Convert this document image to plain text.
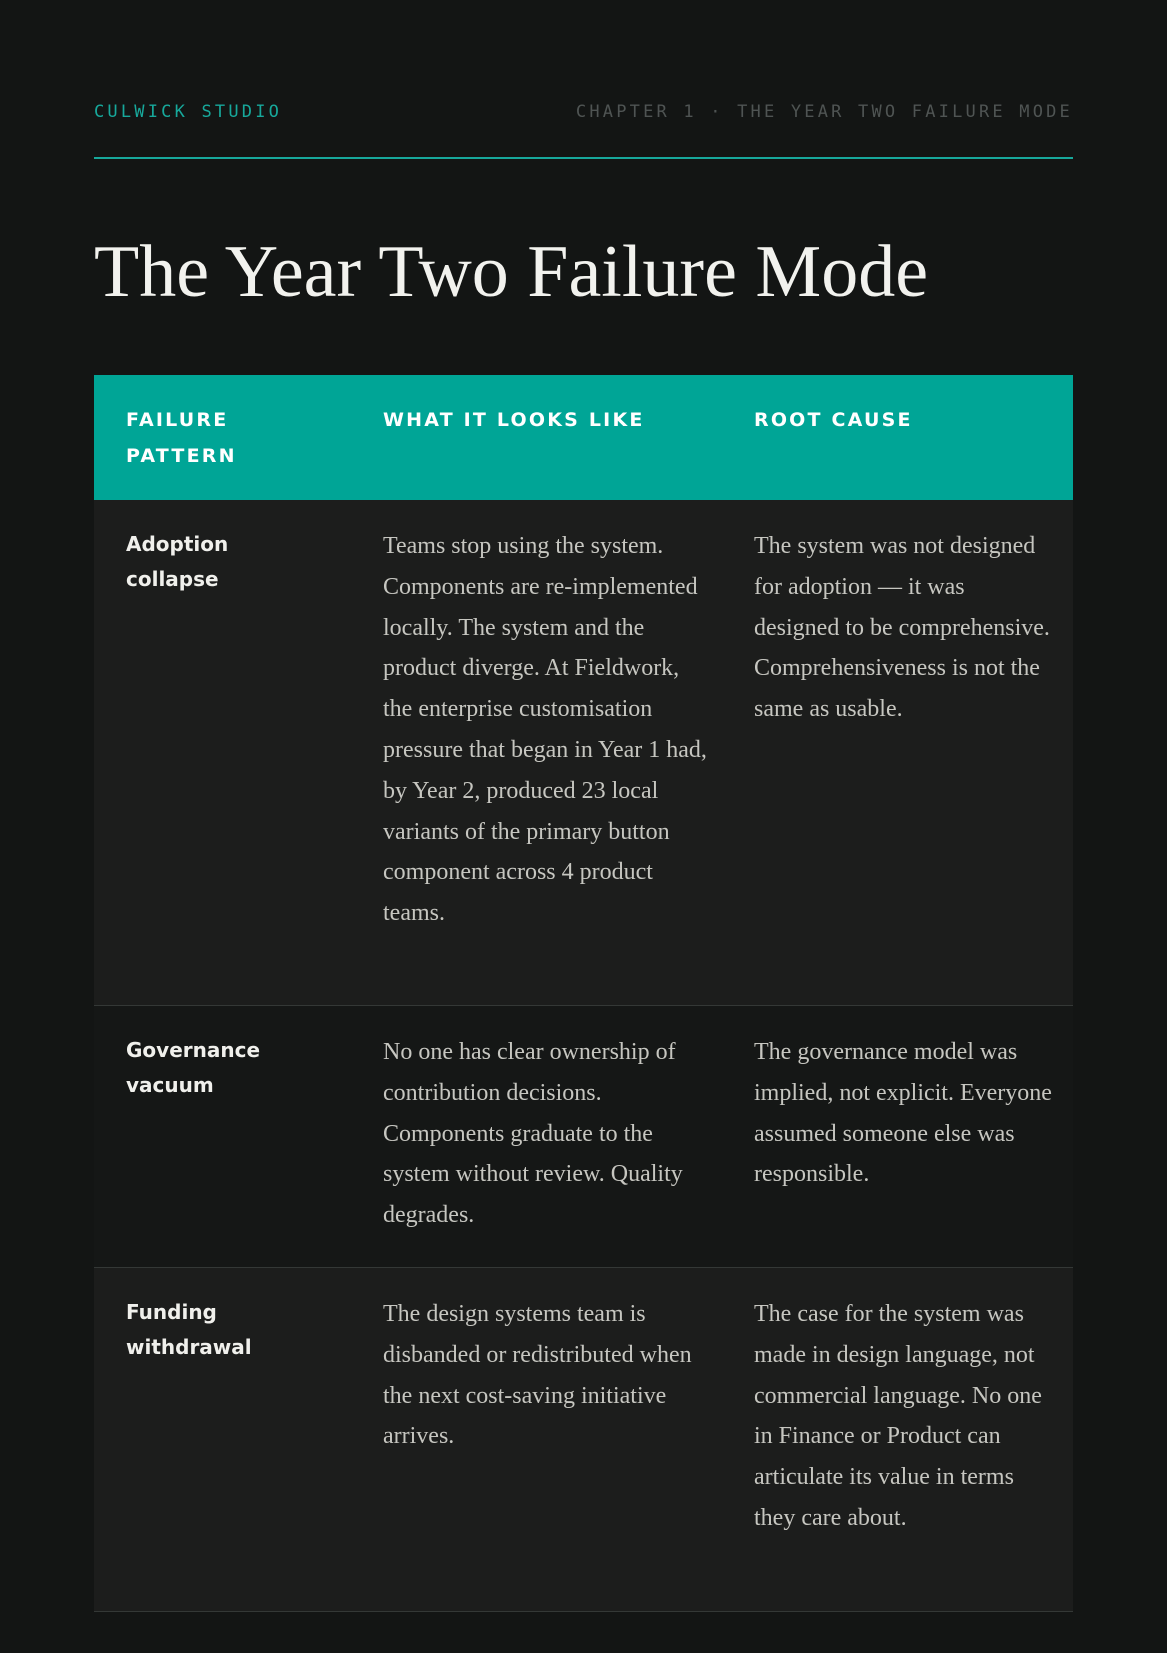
CULWICK STUDIO	CHAPTER 1 · THE YEAR TWO FAILURE MODE
The Year Two Failure Mode
FAILURE PATTERN
WHAT IT LOOKS LIKE	ROOT CAUSE
Adoption collapse
Teams stop using the system. Components are re-implemented locally. The system and the product diverge. At Fieldwork, the enterprise customisation pressure that began in Year 1 had, by Year 2, produced 23 local variants of the primary button component across 4 product teams.
The system was not designed for adoption — it was designed to be comprehensive. Comprehensiveness is not the same as usable.
Governance vacuum
No one has clear ownership of contribution decisions. Components graduate to the system without review. Quality degrades.
The governance model was implied, not explicit. Everyone assumed someone else was responsible.
Funding withdrawal
The design systems team is disbanded or redistributed when the next cost-saving initiative arrives.
The case for the system was made in design language, not commercial language. No one in Finance or Product can articulate its value in terms they care about.
